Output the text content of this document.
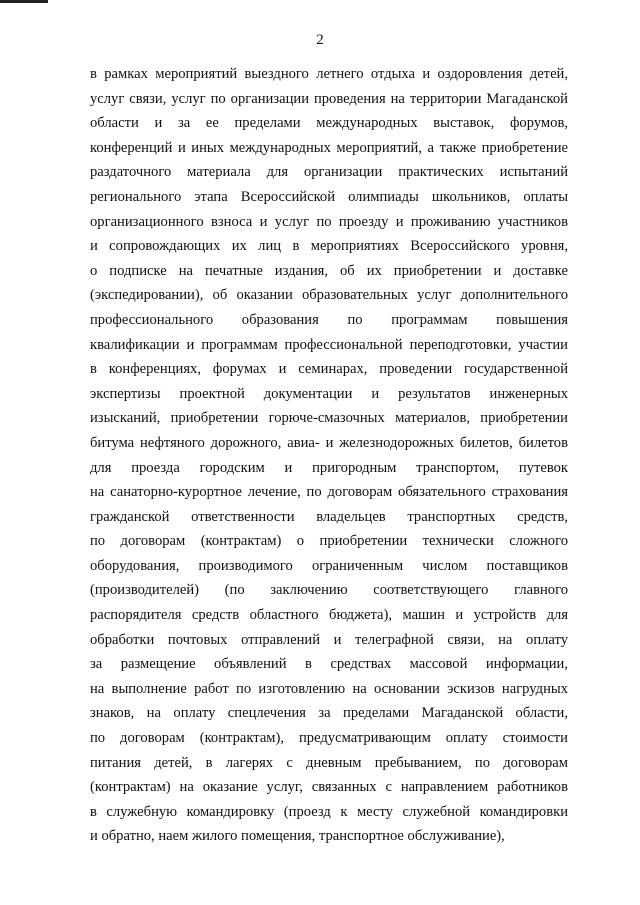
2
в рамках мероприятий выездного летнего отдыха и оздоровления детей,
услуг связи, услуг по организации проведения на территории Магаданской
области и за ее пределами международных выставок, форумов,
конференций и иных международных мероприятий, а также приобретение
раздаточного материала для организации практических испытаний
регионального этапа Всероссийской олимпиады школьников, оплаты
организационного взноса и услуг по проезду и проживанию участников
и сопровождающих их лиц в мероприятиях Всероссийского уровня,
о подписке на печатные издания, об их приобретении и доставке
(экспедировании), об оказании образовательных услуг дополнительного
профессионального образования по программам повышения
квалификации и программам профессиональной переподготовки, участии
в конференциях, форумах и семинарах, проведении государственной
экспертизы проектной документации и результатов инженерных
изысканий, приобретении горюче-смазочных материалов, приобретении
битума нефтяного дорожного, авиа- и железнодорожных билетов, билетов
для проезда городским и пригородным транспортом, путевок
на санаторно-курортное лечение, по договорам обязательного страхования
гражданской ответственности владельцев транспортных средств,
по договорам (контрактам) о приобретении технически сложного
оборудования, производимого ограниченным числом поставщиков
(производителей) (по заключению соответствующего главного
распорядителя средств областного бюджета), машин и устройств для
обработки почтовых отправлений и телеграфной связи, на оплату
за размещение объявлений в средствах массовой информации,
на выполнение работ по изготовлению на основании эскизов нагрудных
знаков, на оплату спецлечения за пределами Магаданской области,
по договорам (контрактам), предусматривающим оплату стоимости
питания детей, в лагерях с дневным пребыванием, по договорам
(контрактам) на оказание услуг, связанных с направлением работников
в служебную командировку (проезд к месту служебной командировки
и обратно, наем жилого помещения, транспортное обслуживание),
